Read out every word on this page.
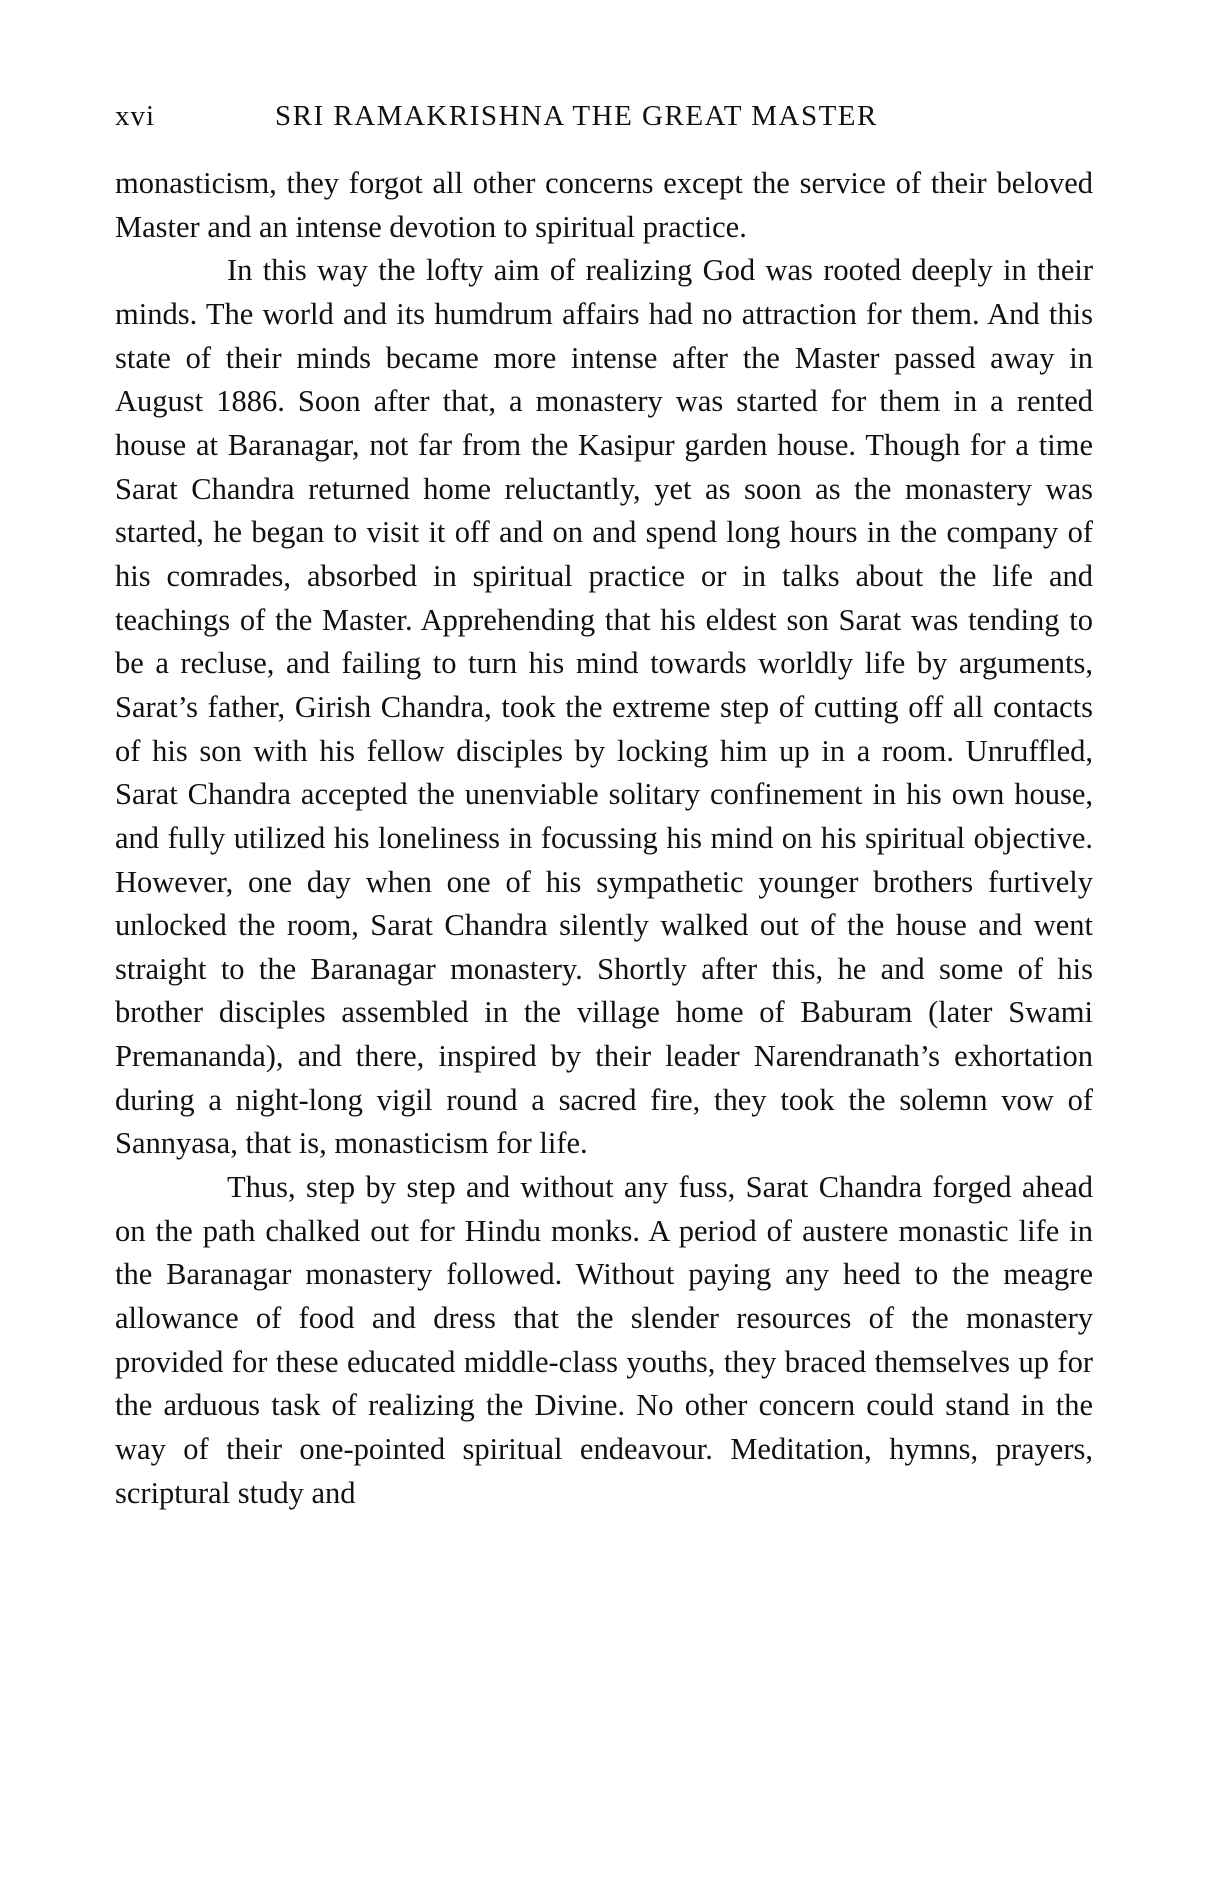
xvi	SRI RAMAKRISHNA THE GREAT MASTER

monasticism, they forgot all other concerns except the service of their beloved Master and an intense devotion to spiritual practice.

In this way the lofty aim of realizing God was rooted deeply in their minds. The world and its humdrum affairs had no attraction for them. And this state of their minds became more intense after the Master passed away in August 1886. Soon after that, a monastery was started for them in a rented house at Baranagar, not far from the Kasipur garden house. Though for a time Sarat Chandra returned home reluctantly, yet as soon as the monastery was started, he began to visit it off and on and spend long hours in the company of his comrades, absorbed in spiritual practice or in talks about the life and teachings of the Master. Apprehending that his eldest son Sarat was tending to be a recluse, and failing to turn his mind towards worldly life by arguments, Sarat’s father, Girish Chandra, took the extreme step of cutting off all contacts of his son with his fellow disciples by locking him up in a room. Unruffled, Sarat Chandra accepted the unenviable solitary confinement in his own house, and fully utilized his loneliness in focussing his mind on his spiritual objective. However, one day when one of his sympathetic younger brothers furtively unlocked the room, Sarat Chandra silently walked out of the house and went straight to the Baranagar monastery. Shortly after this, he and some of his brother disciples assembled in the village home of Baburam (later Swami Premananda), and there, inspired by their leader Narendranath’s exhortation during a night-long vigil round a sacred fire, they took the solemn vow of Sannyasa, that is, monasticism for life.

Thus, step by step and without any fuss, Sarat Chandra forged ahead on the path chalked out for Hindu monks. A period of austere monastic life in the Baranagar monastery followed. Without paying any heed to the meagre allowance of food and dress that the slender resources of the monastery provided for these educated middle-class youths, they braced themselves up for the arduous task of realizing the Divine. No other concern could stand in the way of their one-pointed spiritual endeavour. Meditation, hymns, prayers, scriptural study and
